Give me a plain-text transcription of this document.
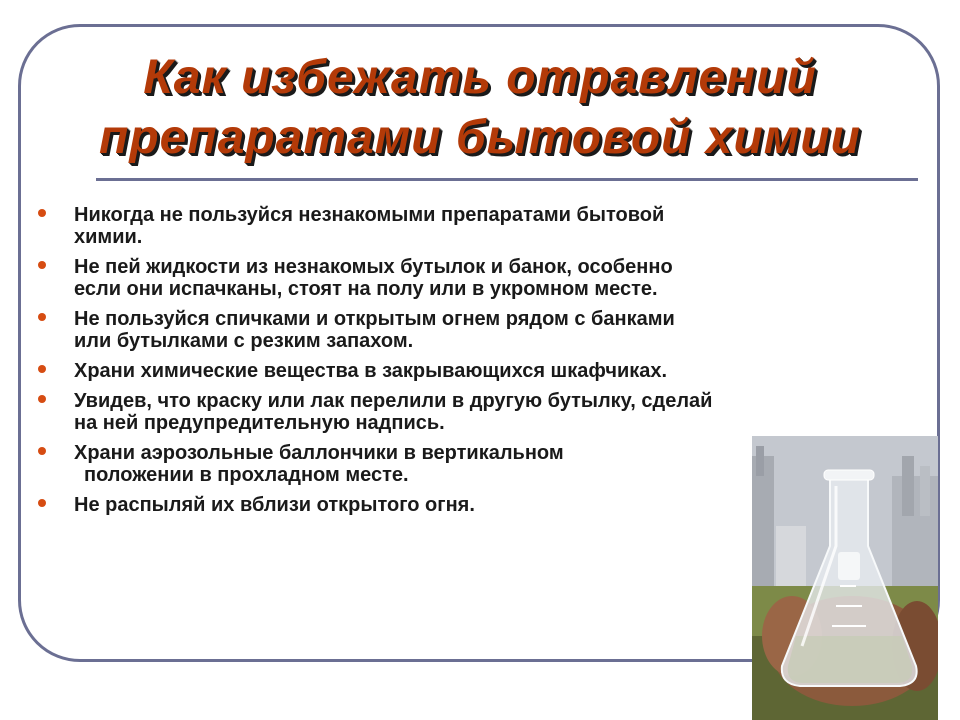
Как избежать отравлений
препаратами бытовой химии
Никогда не пользуйся незнакомыми препаратами бытовой
химии.
Не пей жидкости из незнакомых бутылок и банок, особенно
если они испачканы, стоят на полу или в укромном месте.
Не пользуйся спичками и открытым огнем рядом с банками
или бутылками с резким запахом.
Храни химические вещества в закрывающихся шкафчиках.
Увидев, что краску или лак перелили в другую бутылку, сделай
на ней предупредительную надпись.
Храни аэрозольные баллончики в вертикальном
положении в прохладном месте.
Не распыляй их вблизи открытого огня.
